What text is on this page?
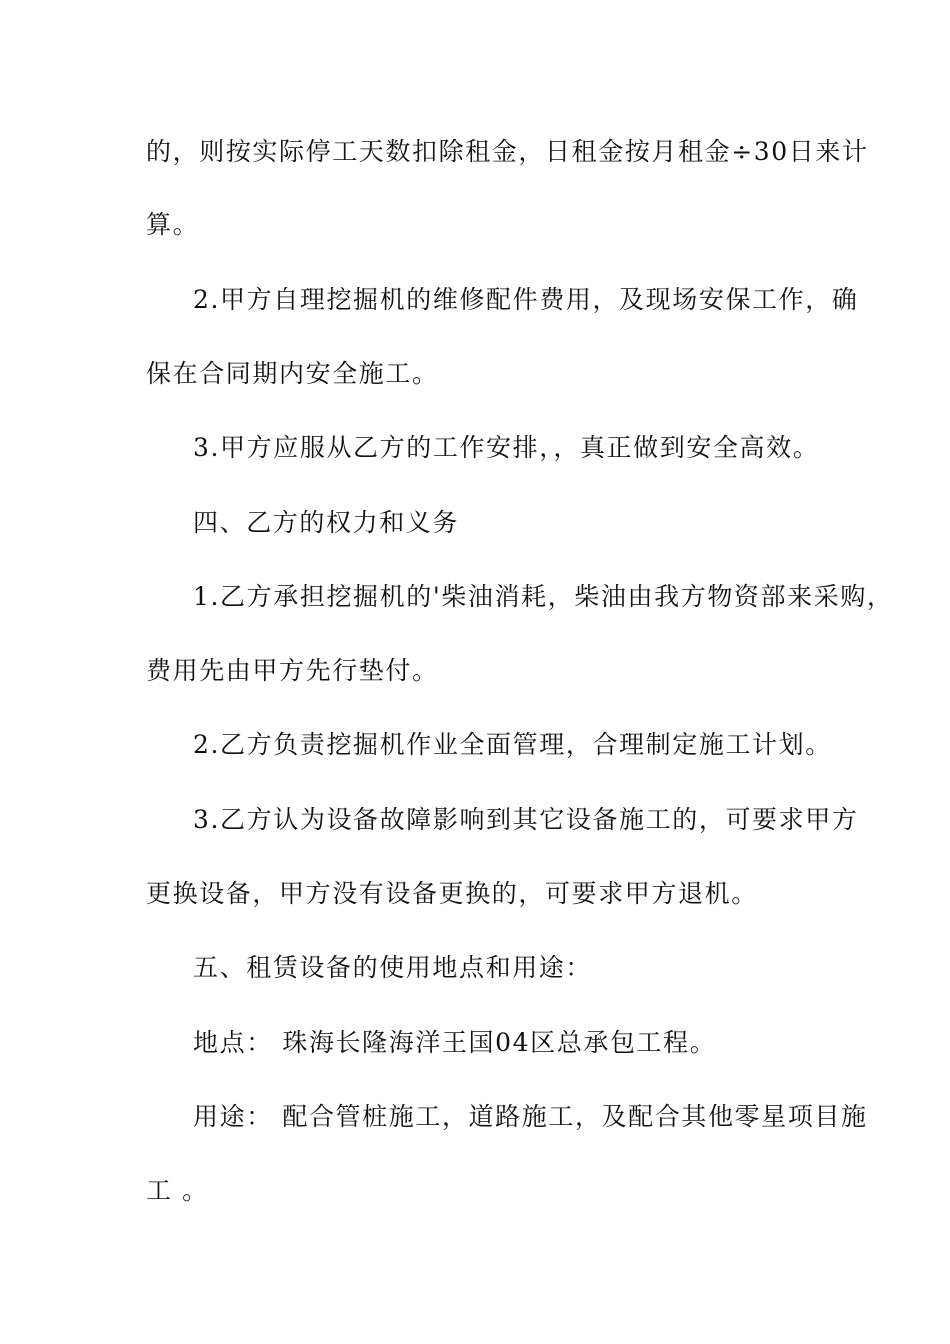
的，则按实际停工天数扣除租金，日租金按月租金÷30日来计
算。
2.甲方自理挖掘机的维修配件费用，及现场安保工作，确
保在合同期内安全施工。
3.甲方应服从乙方的工作安排，，真正做到安全高效。
四、乙方的权力和义务
1.乙方承担挖掘机的'柴油消耗，柴油由我方物资部来采购，
费用先由甲方先行垫付。
2.乙方负责挖掘机作业全面管理，合理制定施工计划。
3.乙方认为设备故障影响到其它设备施工的，可要求甲方
更换设备，甲方没有设备更换的，可要求甲方退机。
五、租赁设备的使用地点和用途：
地点： 珠海长隆海洋王国04区总承包工程。
用途： 配合管桩施工，道路施工，及配合其他零星项目施
工 。
